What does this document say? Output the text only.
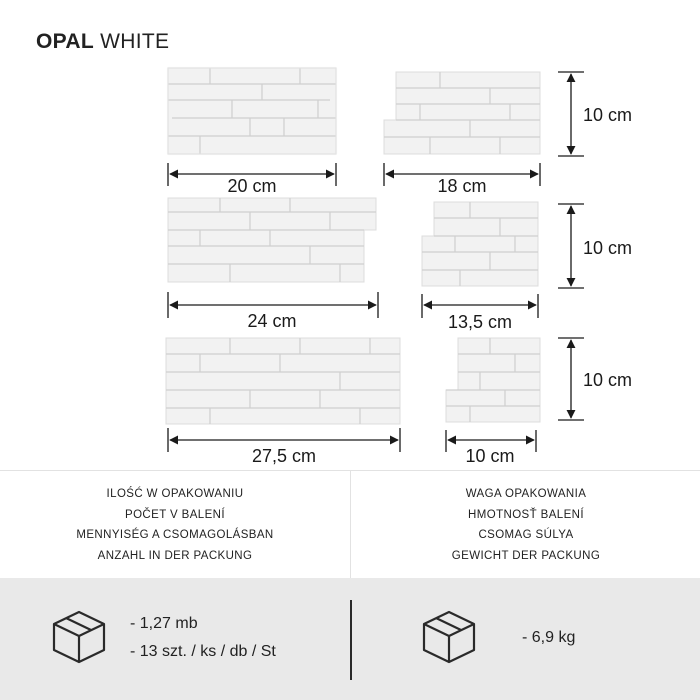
OPAL WHITE
20 cm	18 cm
10 cm
24 cm	13,5 cm
10 cm
27,5 cm	10 cm
10 cm
ILOŚĆ W OPAKOWANIU
POČET V BALENÍ
MENNYISÉG A CSOMAGOLÁSBAN
ANZAHL IN DER PACKUNG
WAGA OPAKOWANIA
HMOTNOSŤ BALENÍ
CSOMAG SÚLYA
GEWICHT DER PACKUNG
- 1,27 mb
- 13 szt. / ks / db / St
- 6,9 kg
